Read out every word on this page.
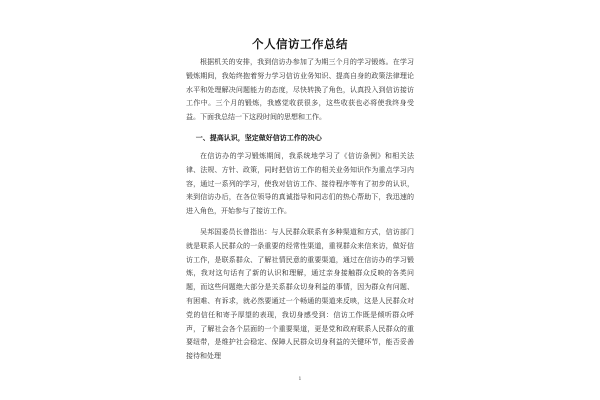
个人信访工作总结

根据机关的安排，我到信访办参加了为期三个月的学习锻炼。在学习锻炼期间，我始终抱着努力学习信访业务知识、提高自身的政策法律理论水平和处理解决问题能力的态度，尽快转换了角色，认真投入到信访接访工作中。三个月的锻炼，我感觉收获很多，这些收获也必将使我终身受益。下面我总结一下这段时间的思想和工作。

一、提高认识，坚定做好信访工作的决心

在信访办的学习锻炼期间，我系统地学习了《信访条例》和相关法律、法规、方针、政策，同时把信访工作的相关业务知识作为重点学习内容，通过一系列的学习，使我对信访工作、接待程序等有了初步的认识，来到信访办后，在各位领导的真诚指导和同志们的热心帮助下，我迅速的进入角色，开始参与了接访工作。

吴邦国委员长曾指出：与人民群众联系有多种渠道和方式，信访部门就是联系人民群众的一条重要的经常性渠道，重视群众来信来访，做好信访工作，是联系群众、了解社情民意的重要渠道，通过在信访办的学习锻炼，我对这句话有了新的认识和理解，通过亲身接触群众反映的各类问题，而这些问题绝大部分是关系群众切身利益的事情，因为群众有问题、有困难、有诉求，就必然要通过一个畅通的渠道来反映，这是人民群众对党的信任和寄予厚望的表现，我切身感受到：信访工作既是倾听群众呼声，了解社会各个层面的一个重要渠道，更是党和政府联系人民群众的重要纽带，是维护社会稳定、保障人民群众切身利益的关键环节，能否妥善接待和处理

1
